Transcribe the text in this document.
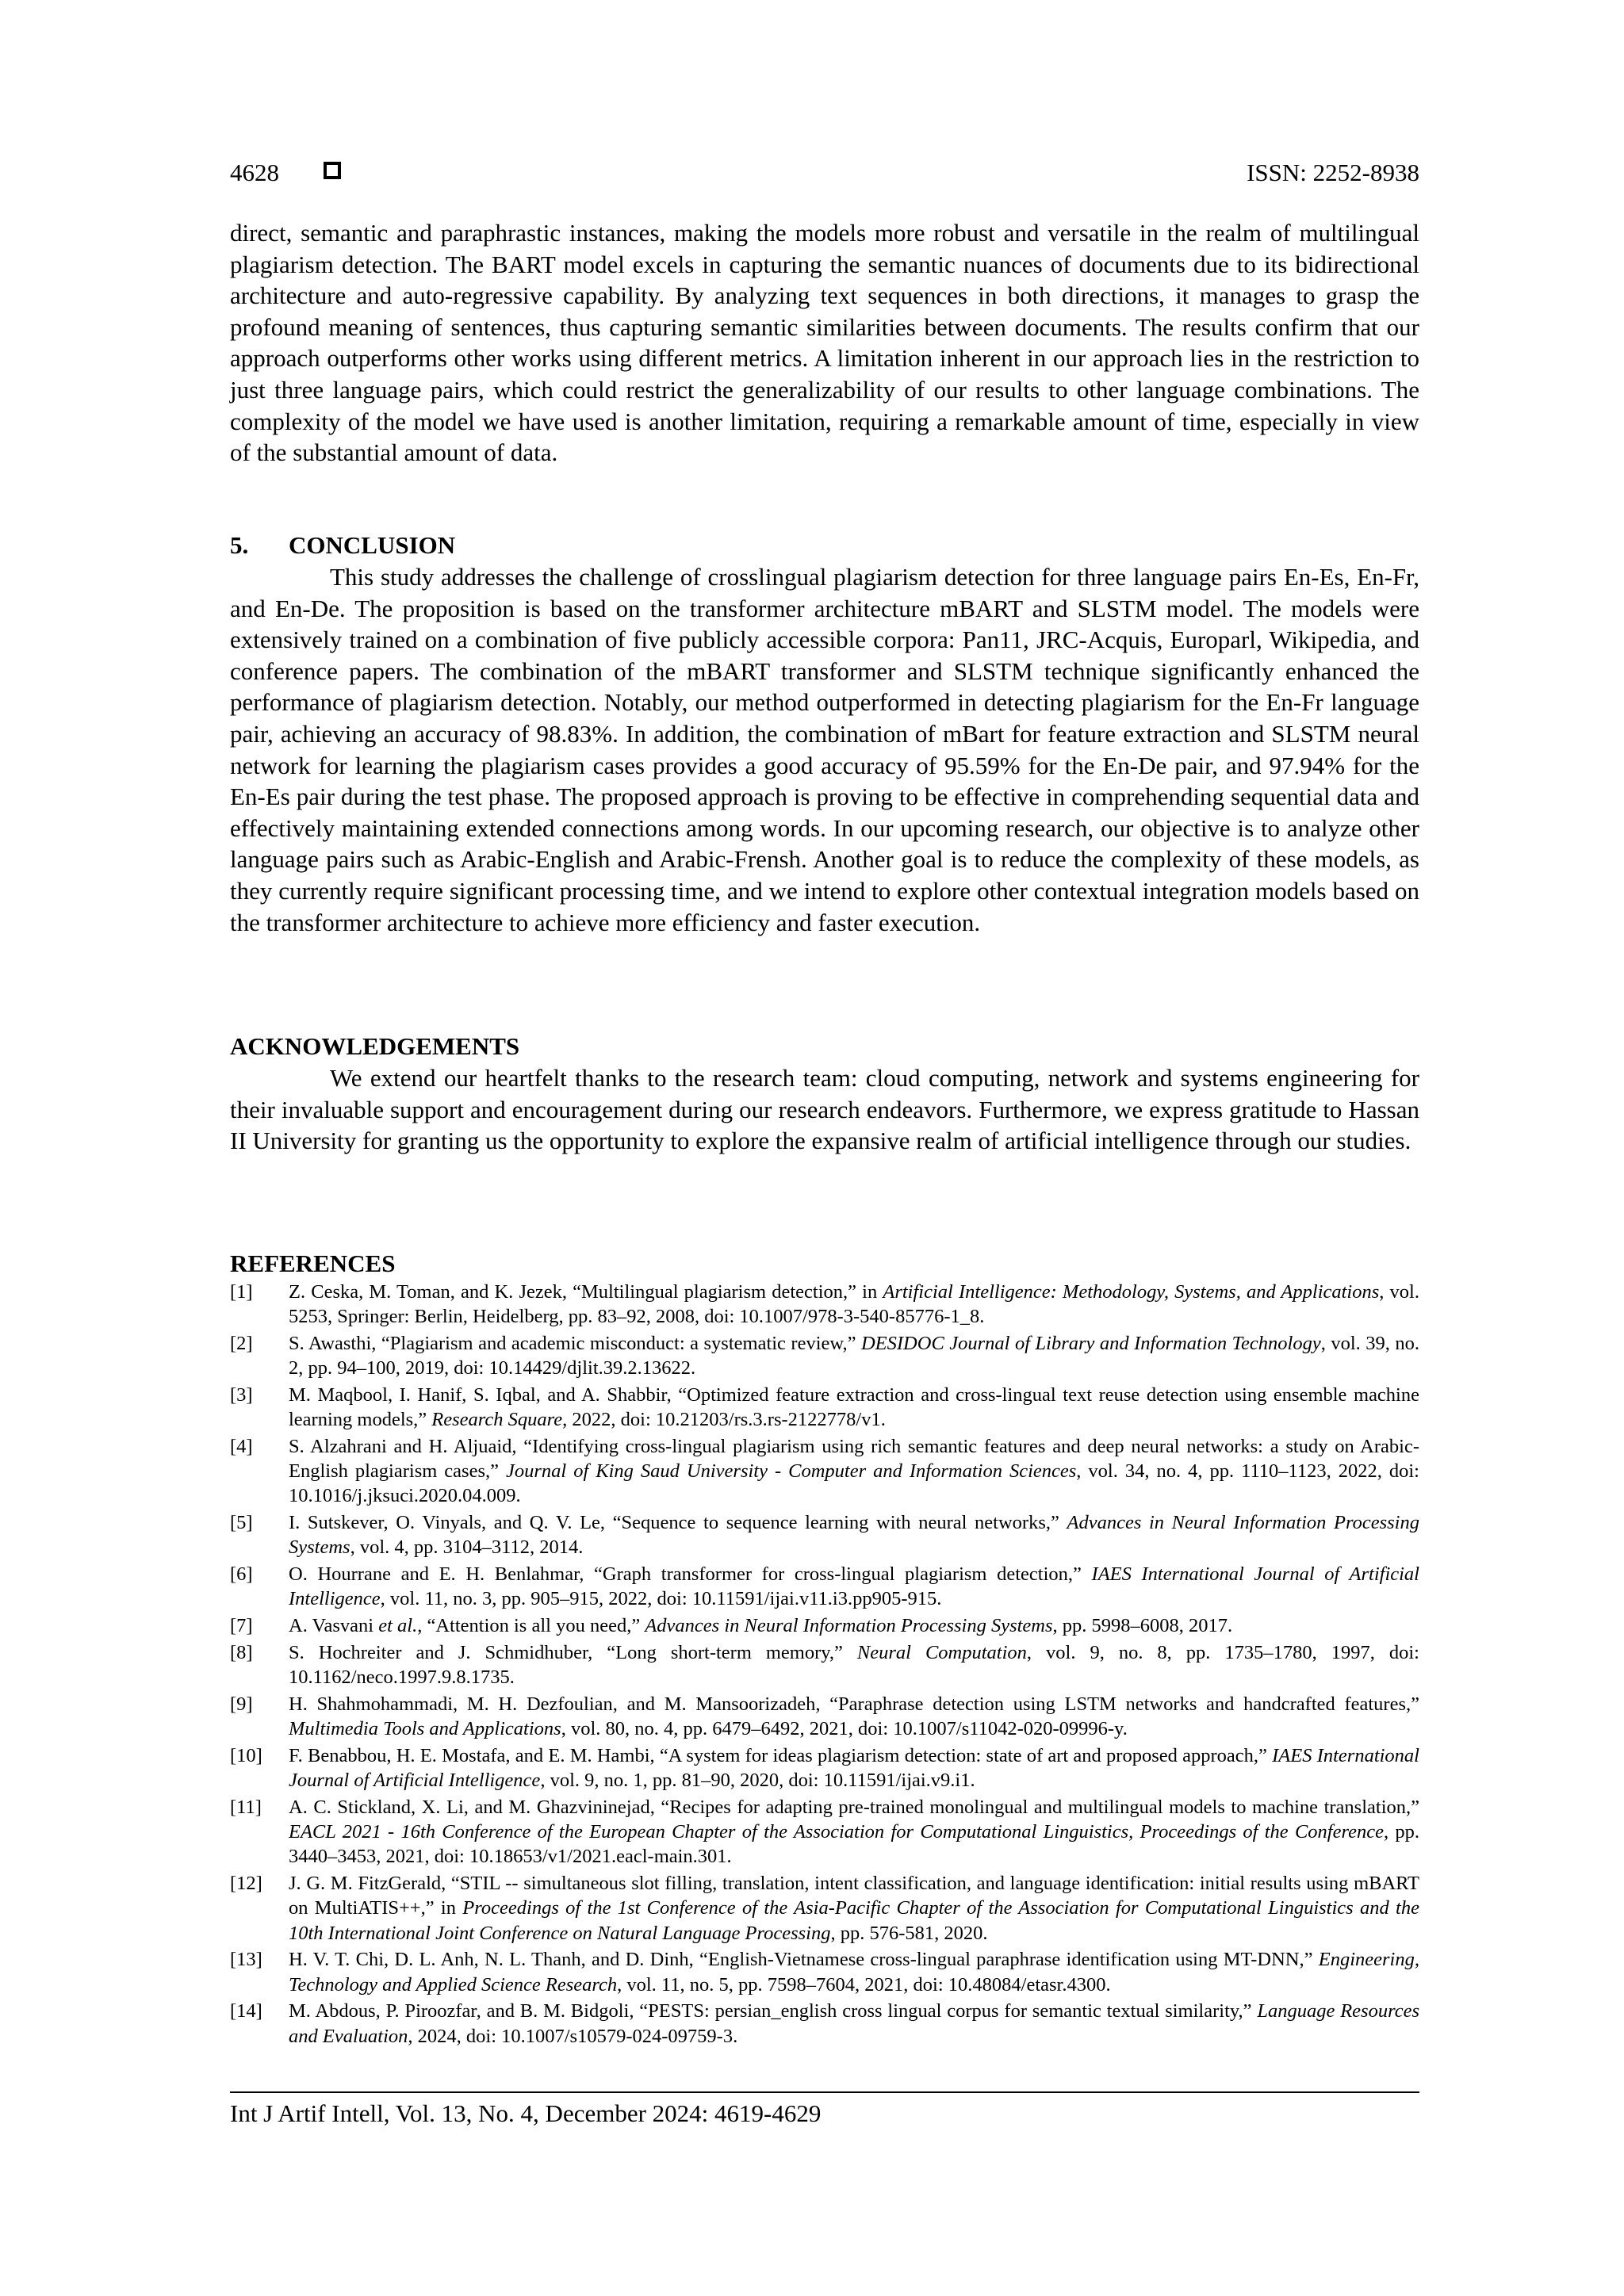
4628	ISSN: 2252-8938

direct, semantic and paraphrastic instances, making the models more robust and versatile in the realm of multilingual plagiarism detection. The BART model excels in capturing the semantic nuances of documents due to its bidirectional architecture and auto-regressive capability. By analyzing text sequences in both directions, it manages to grasp the profound meaning of sentences, thus capturing semantic similarities between documents. The results confirm that our approach outperforms other works using different metrics. A limitation inherent in our approach lies in the restriction to just three language pairs, which could restrict the generalizability of our results to other language combinations. The complexity of the model we have used is another limitation, requiring a remarkable amount of time, especially in view of the substantial amount of data.

5. CONCLUSION

This study addresses the challenge of crosslingual plagiarism detection for three language pairs En-Es, En-Fr, and En-De. The proposition is based on the transformer architecture mBART and SLSTM model. The models were extensively trained on a combination of five publicly accessible corpora: Pan11, JRC-Acquis, Europarl, Wikipedia, and conference papers. The combination of the mBART transformer and SLSTM technique significantly enhanced the performance of plagiarism detection. Notably, our method outperformed in detecting plagiarism for the En-Fr language pair, achieving an accuracy of 98.83%. In addition, the combination of mBart for feature extraction and SLSTM neural network for learning the plagiarism cases provides a good accuracy of 95.59% for the En-De pair, and 97.94% for the En-Es pair during the test phase. The proposed approach is proving to be effective in comprehending sequential data and effectively maintaining extended connections among words. In our upcoming research, our objective is to analyze other language pairs such as Arabic-English and Arabic-Frensh. Another goal is to reduce the complexity of these models, as they currently require significant processing time, and we intend to explore other contextual integration models based on the transformer architecture to achieve more efficiency and faster execution.

ACKNOWLEDGEMENTS

We extend our heartfelt thanks to the research team: cloud computing, network and systems engineering for their invaluable support and encouragement during our research endeavors. Furthermore, we express gratitude to Hassan II University for granting us the opportunity to explore the expansive realm of artificial intelligence through our studies.

REFERENCES
[1] Z. Ceska, M. Toman, and K. Jezek, “Multilingual plagiarism detection,” in Artificial Intelligence: Methodology, Systems, and Applications, vol. 5253, Springer: Berlin, Heidelberg, pp. 83–92, 2008, doi: 10.1007/978-3-540-85776-1_8.
[2] S. Awasthi, “Plagiarism and academic misconduct: a systematic review,” DESIDOC Journal of Library and Information Technology, vol. 39, no. 2, pp. 94–100, 2019, doi: 10.14429/djlit.39.2.13622.
[3] M. Maqbool, I. Hanif, S. Iqbal, and A. Shabbir, “Optimized feature extraction and cross-lingual text reuse detection using ensemble machine learning models,” Research Square, 2022, doi: 10.21203/rs.3.rs-2122778/v1.
[4] S. Alzahrani and H. Aljuaid, “Identifying cross-lingual plagiarism using rich semantic features and deep neural networks: a study on Arabic-English plagiarism cases,” Journal of King Saud University - Computer and Information Sciences, vol. 34, no. 4, pp. 1110–1123, 2022, doi: 10.1016/j.jksuci.2020.04.009.
[5] I. Sutskever, O. Vinyals, and Q. V. Le, “Sequence to sequence learning with neural networks,” Advances in Neural Information Processing Systems, vol. 4, pp. 3104–3112, 2014.
[6] O. Hourrane and E. H. Benlahmar, “Graph transformer for cross-lingual plagiarism detection,” IAES International Journal of Artificial Intelligence, vol. 11, no. 3, pp. 905–915, 2022, doi: 10.11591/ijai.v11.i3.pp905-915.
[7] A. Vasvani et al., “Attention is all you need,” Advances in Neural Information Processing Systems, pp. 5998–6008, 2017.
[8] S. Hochreiter and J. Schmidhuber, “Long short-term memory,” Neural Computation, vol. 9, no. 8, pp. 1735–1780, 1997, doi: 10.1162/neco.1997.9.8.1735.
[9] H. Shahmohammadi, M. H. Dezfoulian, and M. Mansoorizadeh, “Paraphrase detection using LSTM networks and handcrafted features,” Multimedia Tools and Applications, vol. 80, no. 4, pp. 6479–6492, 2021, doi: 10.1007/s11042-020-09996-y.
[10] F. Benabbou, H. E. Mostafa, and E. M. Hambi, “A system for ideas plagiarism detection: state of art and proposed approach,” IAES International Journal of Artificial Intelligence, vol. 9, no. 1, pp. 81–90, 2020, doi: 10.11591/ijai.v9.i1.
[11] A. C. Stickland, X. Li, and M. Ghazvininejad, “Recipes for adapting pre-trained monolingual and multilingual models to machine translation,” EACL 2021 - 16th Conference of the European Chapter of the Association for Computational Linguistics, Proceedings of the Conference, pp. 3440–3453, 2021, doi: 10.18653/v1/2021.eacl-main.301.
[12] J. G. M. FitzGerald, “STIL -- simultaneous slot filling, translation, intent classification, and language identification: initial results using mBART on MultiATIS++,” in Proceedings of the 1st Conference of the Asia-Pacific Chapter of the Association for Computational Linguistics and the 10th International Joint Conference on Natural Language Processing, pp. 576-581, 2020.
[13] H. V. T. Chi, D. L. Anh, N. L. Thanh, and D. Dinh, “English-Vietnamese cross-lingual paraphrase identification using MT-DNN,” Engineering, Technology and Applied Science Research, vol. 11, no. 5, pp. 7598–7604, 2021, doi: 10.48084/etasr.4300.
[14] M. Abdous, P. Piroozfar, and B. M. Bidgoli, “PESTS: persian_english cross lingual corpus for semantic textual similarity,” Language Resources and Evaluation, 2024, doi: 10.1007/s10579-024-09759-3.
Int J Artif Intell, Vol. 13, No. 4, December 2024: 4619-4629
